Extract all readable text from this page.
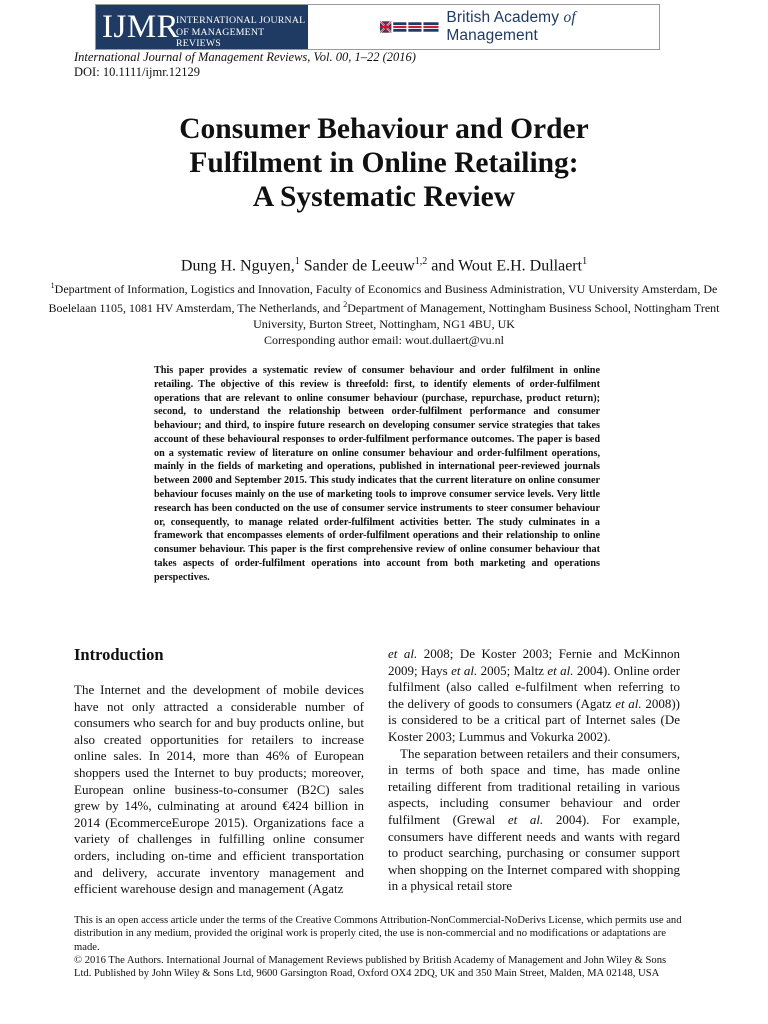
IJMR
INTERNATIONAL JOURNAL
OF MANAGEMENT REVIEWS
British Academy of Management
International Journal of Management Reviews, Vol. 00, 1–22 (2016)
DOI: 10.1111/ijmr.12129
Consumer Behaviour and Order
Fulfilment in Online Retailing:
A Systematic Review
Dung H. Nguyen,$^1$ Sander de Leeuw$^{1,2}$ and Wout E.H. Dullaert$^1$
$^1$Department of Information, Logistics and Innovation, Faculty of Economics and Business Administration, VU University Amsterdam, De Boelelaan 1105, 1081 HV Amsterdam, The Netherlands, and $^2$Department of Management, Nottingham Business School, Nottingham Trent University, Burton Street, Nottingham, NG1 4BU, UK
Corresponding author email: wout.dullaert@vu.nl
This paper provides a systematic review of consumer behaviour and order fulfilment in online retailing. The objective of this review is threefold: first, to identify elements of order-fulfilment operations that are relevant to online consumer behaviour (purchase, repurchase, product return); second, to understand the relationship between order-fulfilment performance and consumer behaviour; and third, to inspire future research on developing consumer service strategies that takes account of these behavioural responses to order-fulfilment performance outcomes. The paper is based on a systematic review of literature on online consumer behaviour and order-fulfilment operations, mainly in the fields of marketing and operations, published in international peer-reviewed journals between 2000 and September 2015. This study indicates that the current literature on online consumer behaviour focuses mainly on the use of marketing tools to improve consumer service levels. Very little research has been conducted on the use of consumer service instruments to steer consumer behaviour or, consequently, to manage related order-fulfilment activities better. The study culminates in a framework that encompasses elements of order-fulfilment operations and their relationship to online consumer behaviour. This paper is the first comprehensive review of online consumer behaviour that takes aspects of order-fulfilment operations into account from both marketing and operations perspectives.
Introduction

The Internet and the development of mobile devices have not only attracted a considerable number of consumers who search for and buy products online, but also created opportunities for retailers to increase online sales. In 2014, more than 46% of European shoppers used the Internet to buy products; moreover, European online business-to-consumer (B2C) sales grew by 14%, culminating at around €424 billion in 2014 (EcommerceEurope 2015). Organizations face a variety of challenges in fulfilling online consumer orders, including on-time and efficient transportation and delivery, accurate inventory management and efficient warehouse design and management (Agatz

et al. 2008; De Koster 2003; Fernie and McKinnon 2009; Hays et al. 2005; Maltz et al. 2004). Online order fulfilment (also called e-fulfilment when referring to the delivery of goods to consumers (Agatz et al. 2008)) is considered to be a critical part of Internet sales (De Koster 2003; Lummus and Vokurka 2002).

The separation between retailers and their consumers, in terms of both space and time, has made online retailing different from traditional retailing in various aspects, including consumer behaviour and order fulfilment (Grewal et al. 2004). For example, consumers have different needs and wants with regard to product searching, purchasing or consumer support when shopping on the Internet compared with shopping in a physical retail store

This is an open access article under the terms of the Creative Commons Attribution-NonCommercial-NoDerivs License, which permits use and distribution in any medium, provided the original work is properly cited, the use is non-commercial and no modifications or adaptations are made.

© 2016 The Authors. International Journal of Management Reviews published by British Academy of Management and John Wiley & Sons Ltd. Published by John Wiley & Sons Ltd, 9600 Garsington Road, Oxford OX4 2DQ, UK and 350 Main Street, Malden, MA 02148, USA
